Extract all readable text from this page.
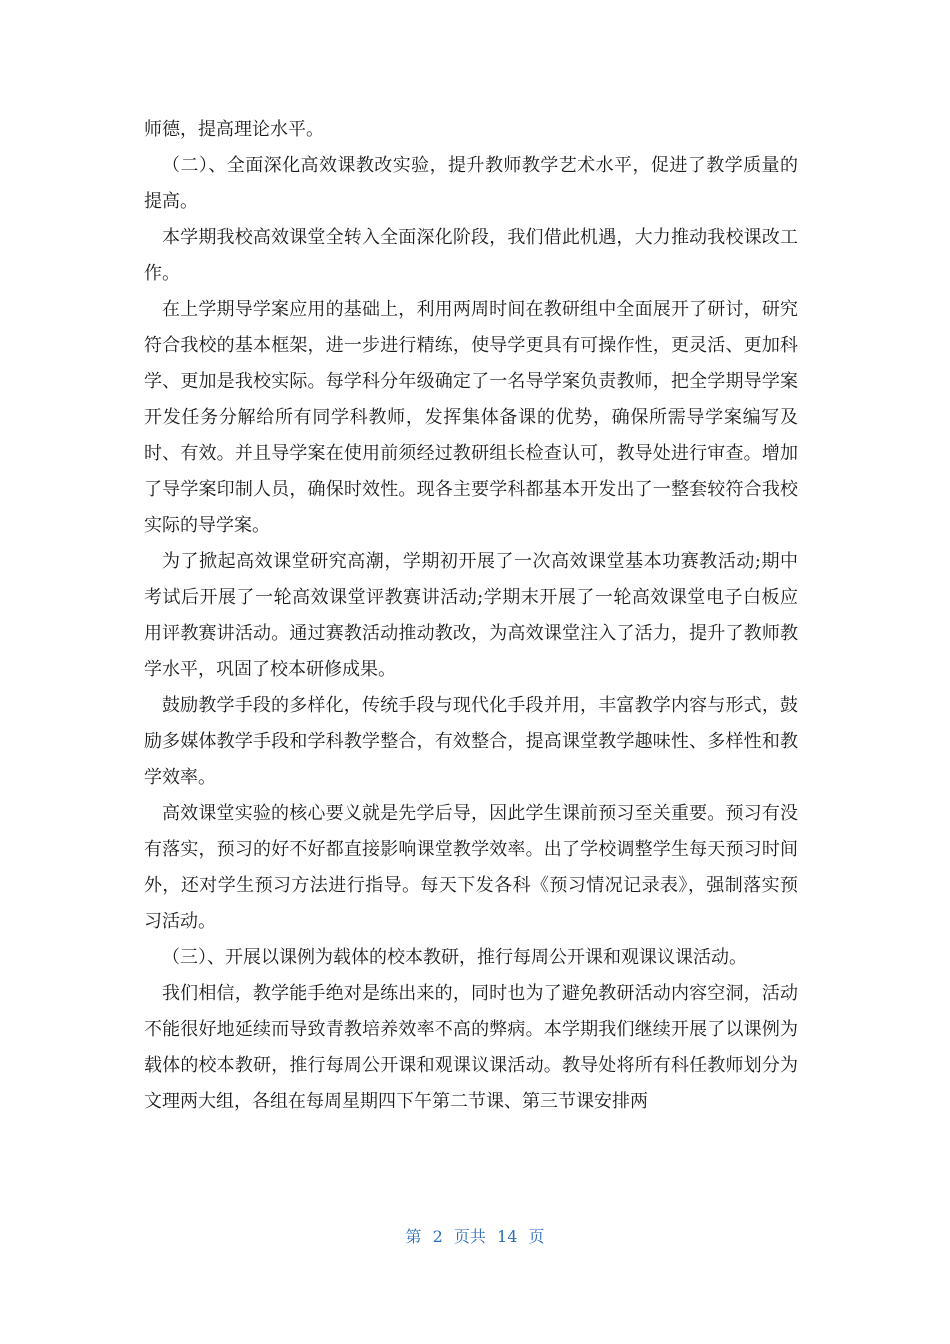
师德，提高理论水平。

（二）、全面深化高效课教改实验，提升教师教学艺术水平，促进了教学质量的提高。

本学期我校高效课堂全转入全面深化阶段，我们借此机遇，大力推动我校课改工作。

在上学期导学案应用的基础上，利用两周时间在教研组中全面展开了研讨，研究符合我校的基本框架，进一步进行精练，使导学更具有可操作性，更灵活、更加科学、更加是我校实际。每学科分年级确定了一名导学案负责教师，把全学期导学案开发任务分解给所有同学科教师，发挥集体备课的优势，确保所需导学案编写及时、有效。并且导学案在使用前须经过教研组长检查认可，教导处进行审查。增加了导学案印制人员，确保时效性。现各主要学科都基本开发出了一整套较符合我校实际的导学案。

为了掀起高效课堂研究高潮，学期初开展了一次高效课堂基本功赛教活动;期中考试后开展了一轮高效课堂评教赛讲活动;学期末开展了一轮高效课堂电子白板应用评教赛讲活动。通过赛教活动推动教改，为高效课堂注入了活力，提升了教师教学水平，巩固了校本研修成果。

鼓励教学手段的多样化，传统手段与现代化手段并用，丰富教学内容与形式，鼓励多媒体教学手段和学科教学整合，有效整合，提高课堂教学趣味性、多样性和教学效率。

高效课堂实验的核心要义就是先学后导，因此学生课前预习至关重要。预习有没有落实，预习的好不好都直接影响课堂教学效率。出了学校调整学生每天预习时间外，还对学生预习方法进行指导。每天下发各科《预习情况记录表》，强制落实预习活动。

（三）、开展以课例为载体的校本教研，推行每周公开课和观课议课活动。

我们相信，教学能手绝对是练出来的，同时也为了避免教研活动内容空洞，活动不能很好地延续而导致青教培养效率不高的弊病。本学期我们继续开展了以课例为载体的校本教研，推行每周公开课和观课议课活动。教导处将所有科任教师划分为文理两大组，各组在每周星期四下午第二节课、第三节课安排两

第 2 页共 14 页
